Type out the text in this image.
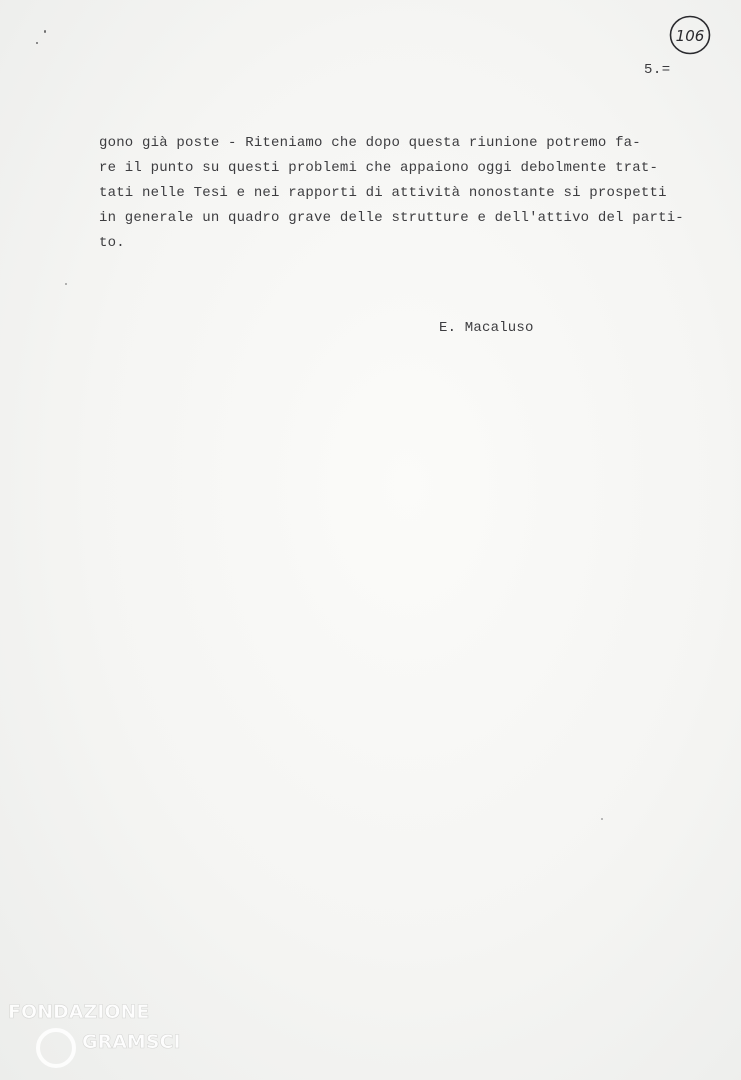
106
5.=
gono già poste - Riteniamo che dopo questa riunione potremo fa-
re il punto su questi problemi che appaiono oggi debolmente trat-
tati nelle Tesi e nei rapporti di attività nonostante si prospetti
in generale un quadro grave delle strutture e dell'attivo del parti-
to.
E. Macaluso
FONDAZIONE
GRAMSCI
